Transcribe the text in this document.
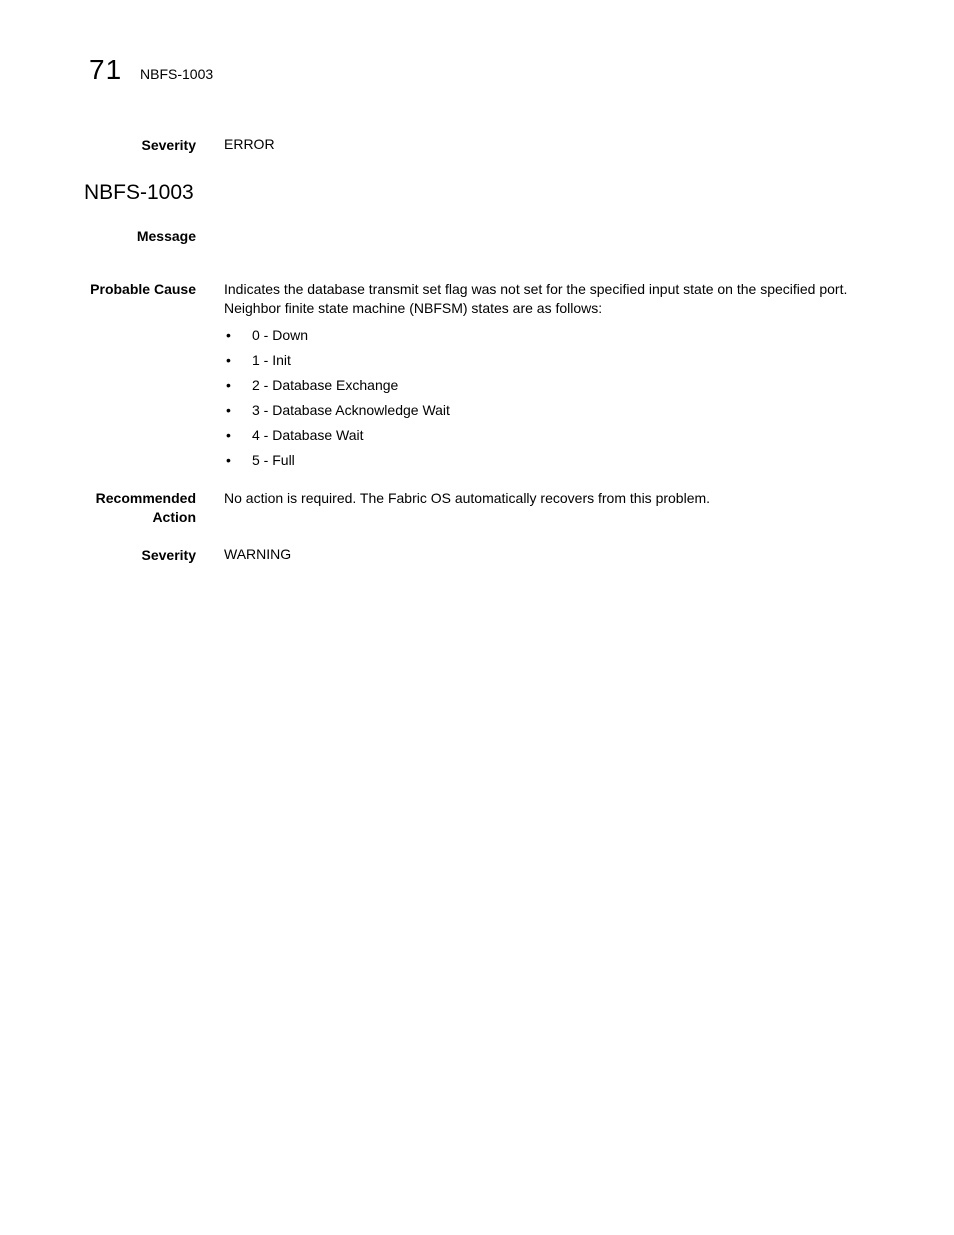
71 NBFS-1003
Severity ERROR
NBFS-1003
Message
Probable Cause Indicates the database transmit set flag was not set for the specified input state on the specified port. Neighbor finite state machine (NBFSM) states are as follows:
• 0 - Down
• 1 - Init
• 2 - Database Exchange
• 3 - Database Acknowledge Wait
• 4 - Database Wait
• 5 - Full
Recommended
Action
No action is required. The Fabric OS automatically recovers from this problem.
Severity WARNING
